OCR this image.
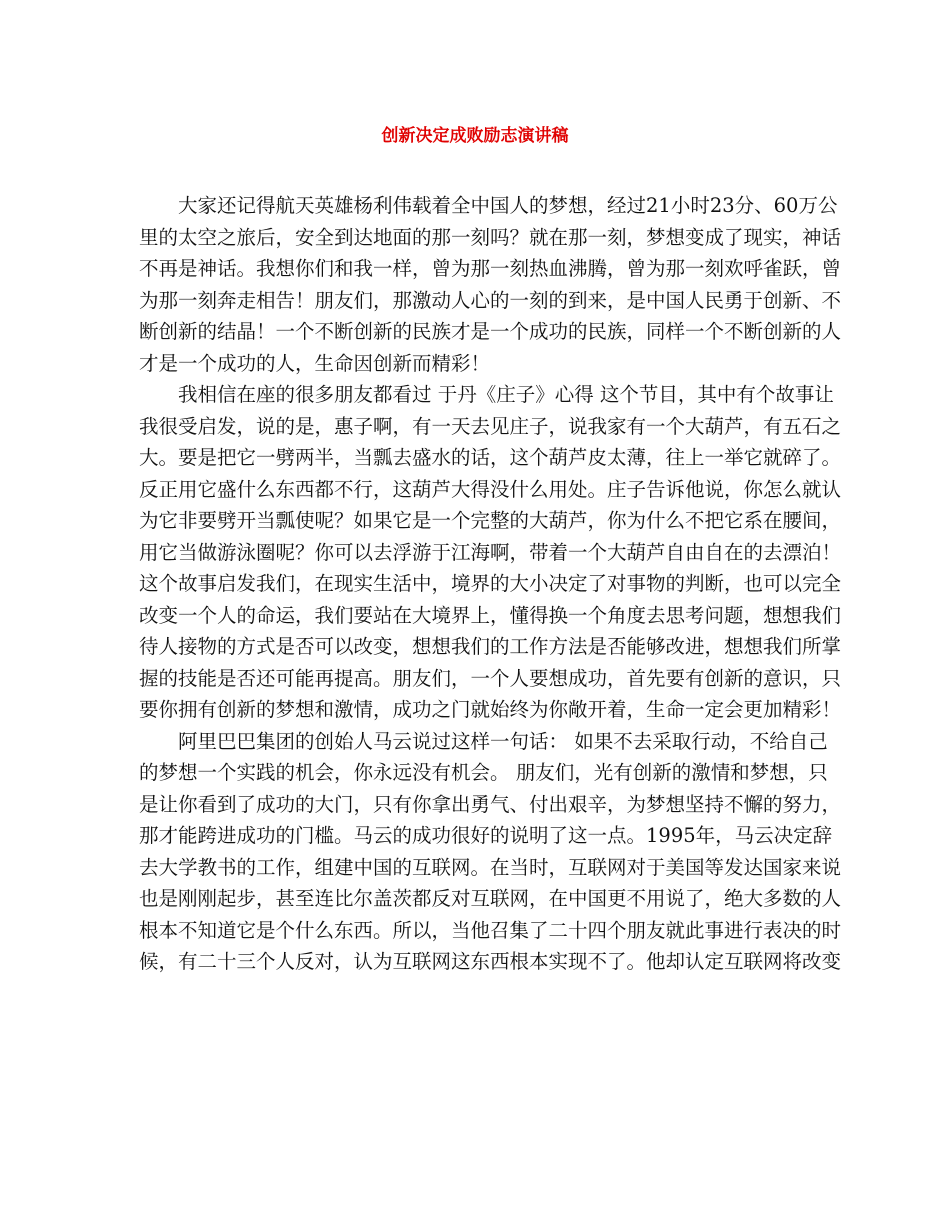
创新决定成败励志演讲稿
大家还记得航天英雄杨利伟载着全中国人的梦想，经过21小时23分、60万公
里的太空之旅后，安全到达地面的那一刻吗？就在那一刻，梦想变成了现实，神话
不再是神话。我想你们和我一样，曾为那一刻热血沸腾，曾为那一刻欢呼雀跃，曾
为那一刻奔走相告！朋友们，那激动人心的一刻的到来，是中国人民勇于创新、不
断创新的结晶！一个不断创新的民族才是一个成功的民族，同样一个不断创新的人
才是一个成功的人，生命因创新而精彩！
我相信在座的很多朋友都看过 于丹《庄子》心得 这个节目，其中有个故事让
我很受启发，说的是，惠子啊，有一天去见庄子，说我家有一个大葫芦，有五石之
大。要是把它一劈两半，当瓢去盛水的话，这个葫芦皮太薄，往上一举它就碎了。
反正用它盛什么东西都不行，这葫芦大得没什么用处。庄子告诉他说，你怎么就认
为它非要劈开当瓢使呢？如果它是一个完整的大葫芦，你为什么不把它系在腰间，
用它当做游泳圈呢？你可以去浮游于江海啊，带着一个大葫芦自由自在的去漂泊！
这个故事启发我们，在现实生活中，境界的大小决定了对事物的判断，也可以完全
改变一个人的命运，我们要站在大境界上，懂得换一个角度去思考问题，想想我们
待人接物的方式是否可以改变，想想我们的工作方法是否能够改进，想想我们所掌
握的技能是否还可能再提高。朋友们，一个人要想成功，首先要有创新的意识，只
要你拥有创新的梦想和激情，成功之门就始终为你敞开着，生命一定会更加精彩！
阿里巴巴集团的创始人马云说过这样一句话： 如果不去采取行动，不给自己
的梦想一个实践的机会，你永远没有机会。 朋友们，光有创新的激情和梦想，只
是让你看到了成功的大门，只有你拿出勇气、付出艰辛，为梦想坚持不懈的努力，
那才能跨进成功的门槛。马云的成功很好的说明了这一点。1995年，马云决定辞
去大学教书的工作，组建中国的互联网。在当时，互联网对于美国等发达国家来说
也是刚刚起步，甚至连比尔盖茨都反对互联网，在中国更不用说了，绝大多数的人
根本不知道它是个什么东西。所以，当他召集了二十四个朋友就此事进行表决的时
候，有二十三个人反对，认为互联网这东西根本实现不了。他却认定互联网将改变
